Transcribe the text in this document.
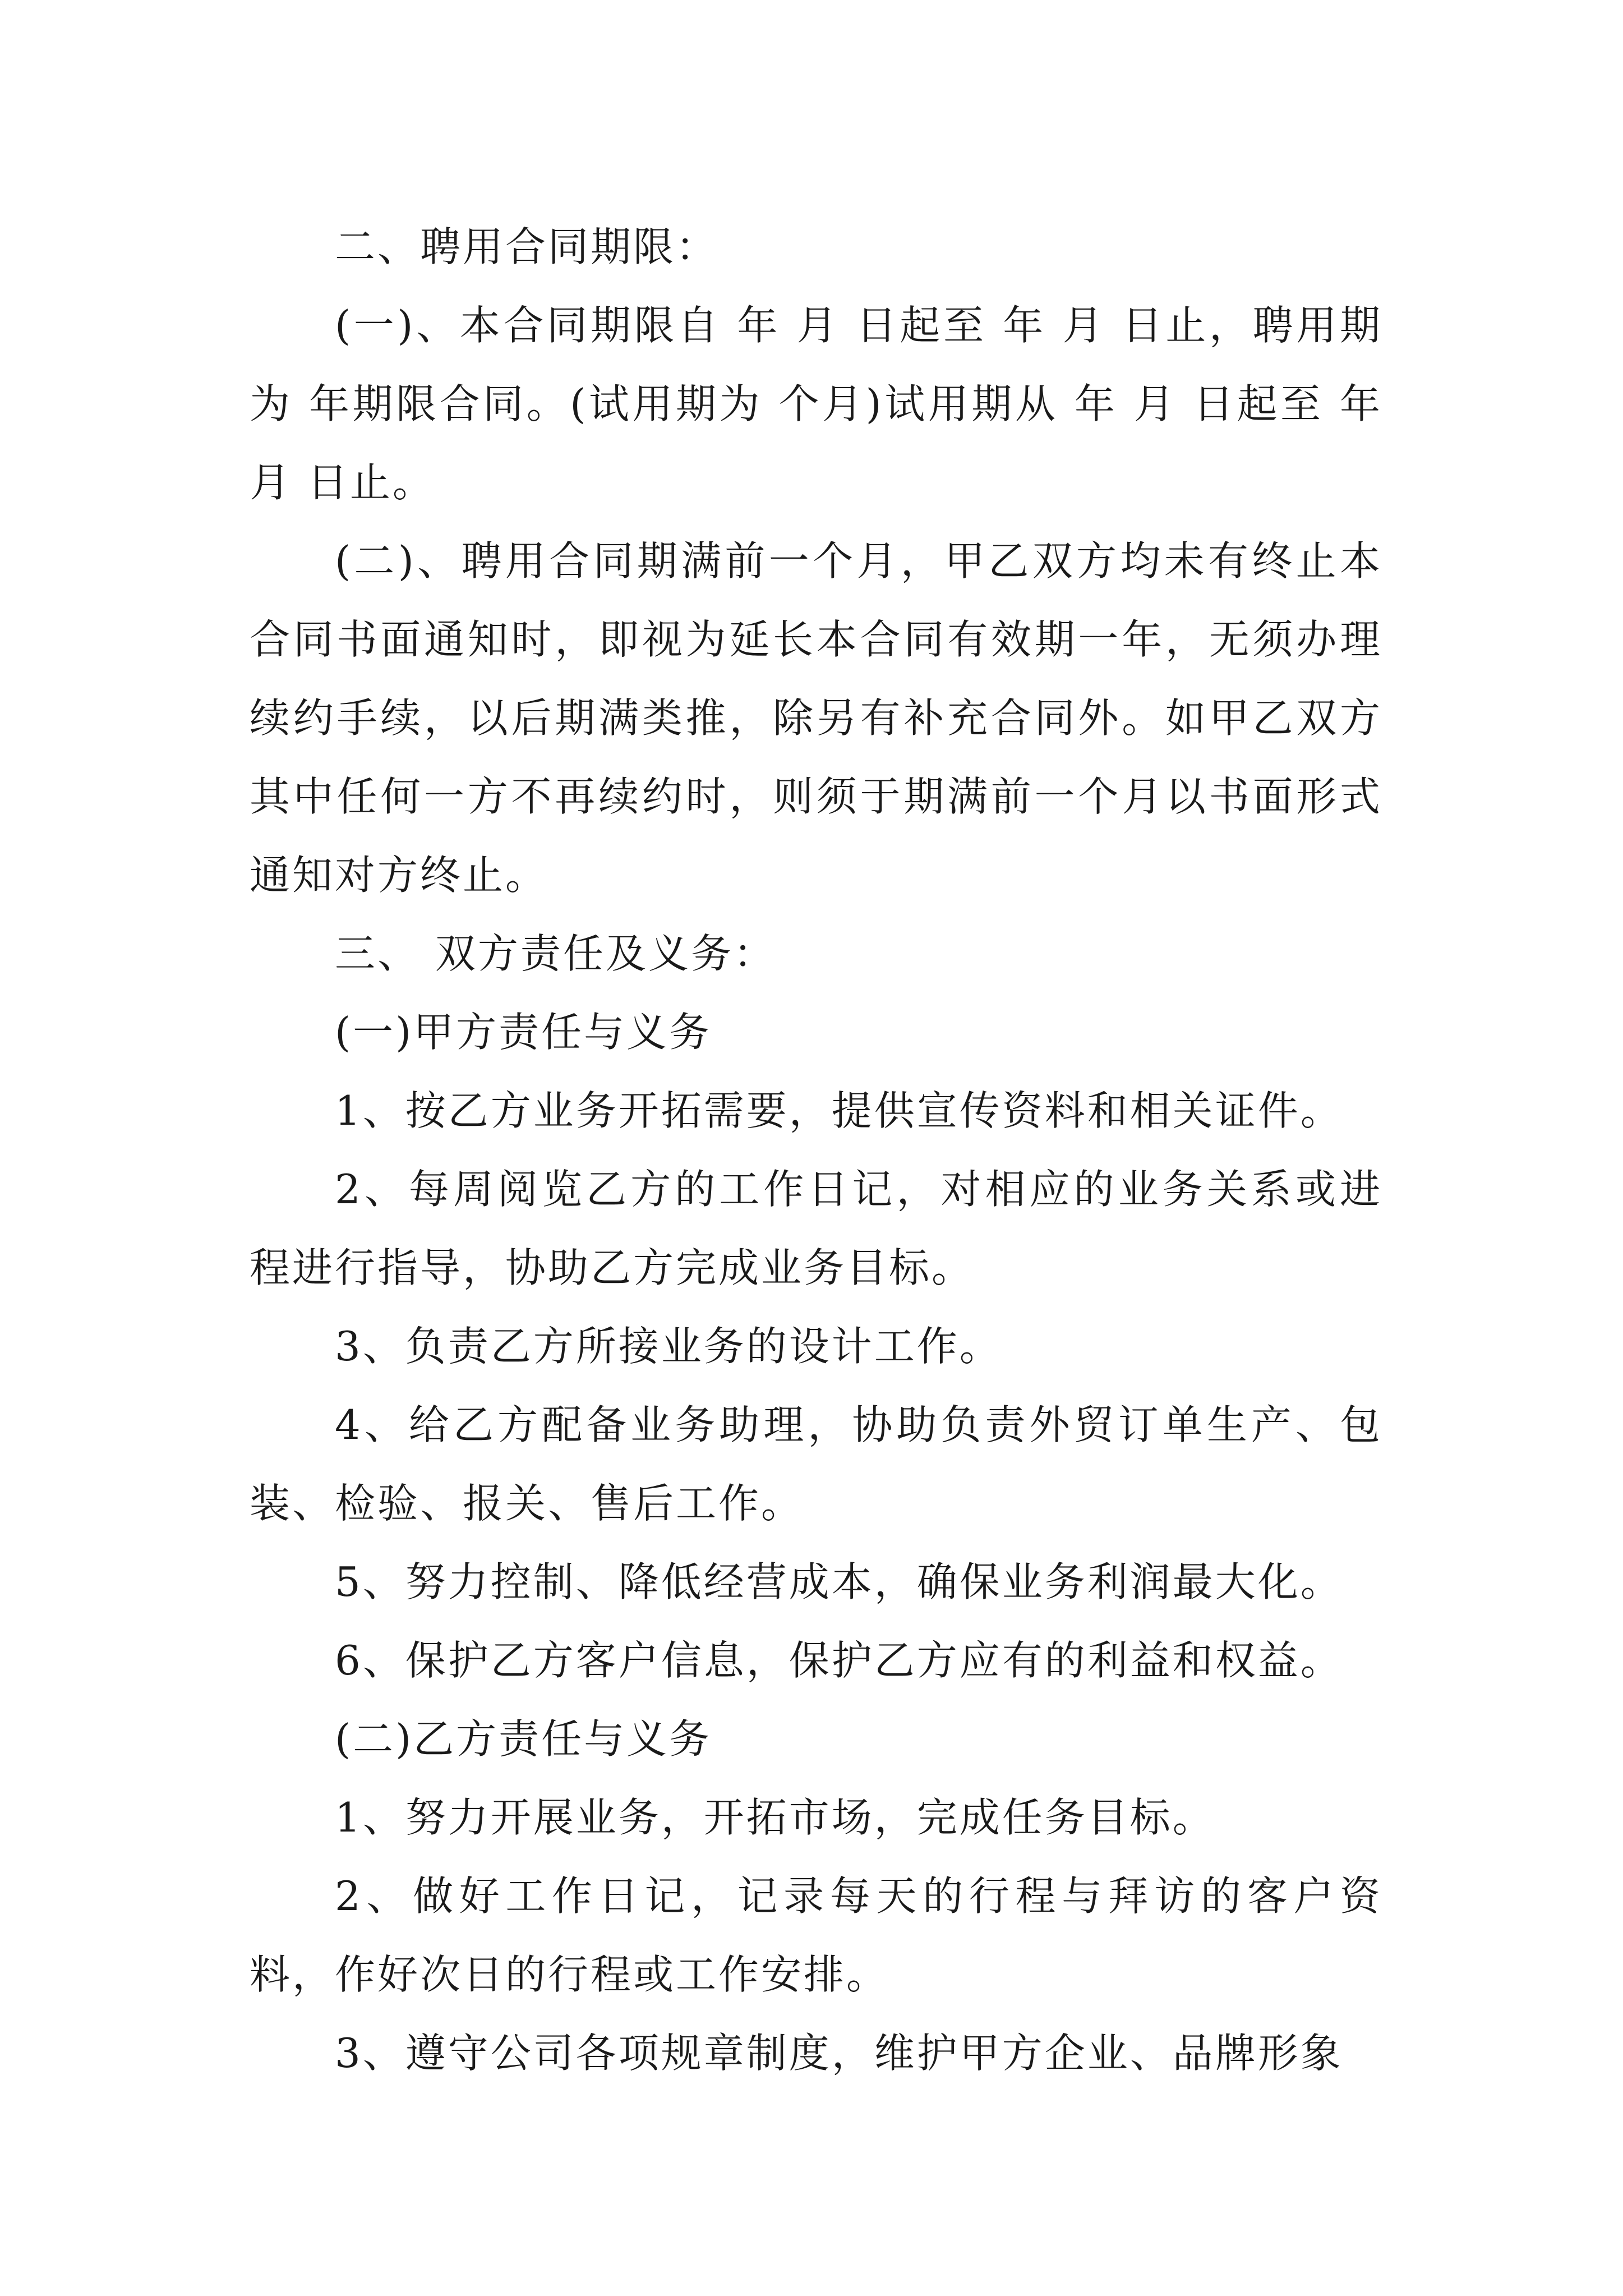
二、聘用合同期限：

(一)、本合同期限自 年 月 日起至 年 月 日止，聘用期为 年期限合同。(试用期为 个月)试用期从 年 月 日起至 年 月 日止。

(二)、聘用合同期满前一个月，甲乙双方均未有终止本合同书面通知时，即视为延长本合同有效期一年，无须办理续约手续，以后期满类推，除另有补充合同外。如甲乙双方其中任何一方不再续约时，则须于期满前一个月以书面形式通知对方终止。

三、 双方责任及义务：

(一)甲方责任与义务

1、按乙方业务开拓需要，提供宣传资料和相关证件。

2、每周阅览乙方的工作日记，对相应的业务关系或进程进行指导，协助乙方完成业务目标。

3、负责乙方所接业务的设计工作。

4、给乙方配备业务助理，协助负责外贸订单生产、包装、检验、报关、售后工作。

5、努力控制、降低经营成本，确保业务利润最大化。

6、保护乙方客户信息，保护乙方应有的利益和权益。

(二)乙方责任与义务

1、努力开展业务，开拓市场，完成任务目标。

2、做好工作日记，记录每天的行程与拜访的客户资料，作好次日的行程或工作安排。

3、遵守公司各项规章制度，维护甲方企业、品牌形象
